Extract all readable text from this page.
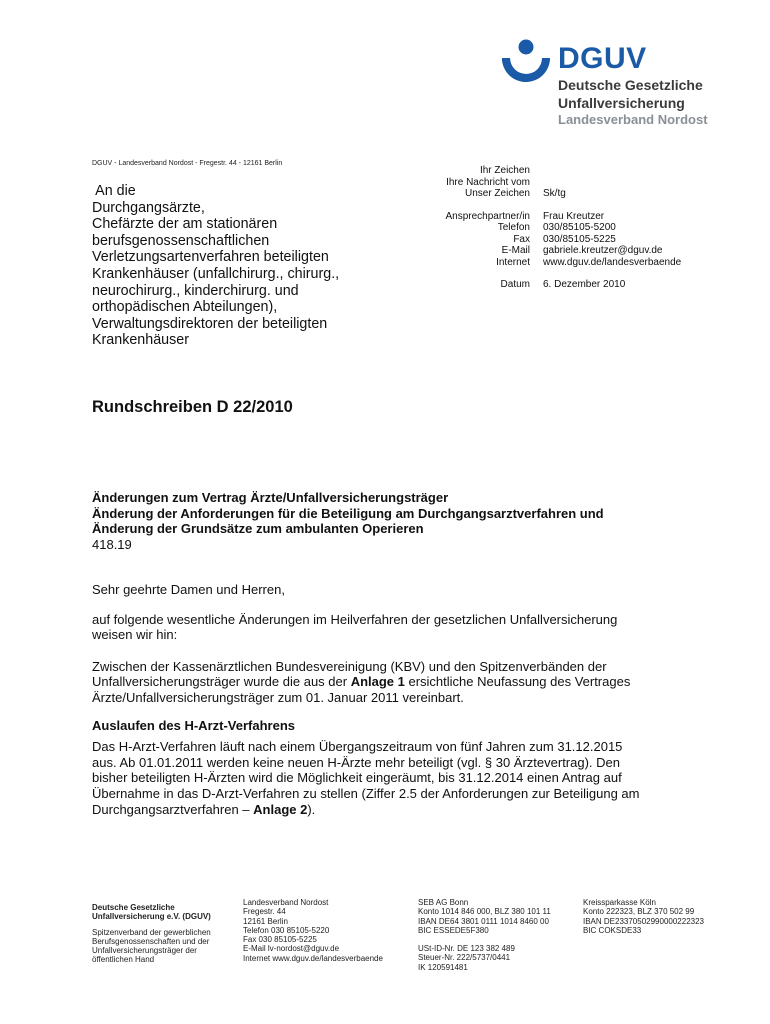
DGUV
Deutsche Gesetzliche
Unfallversicherung
Landesverband Nordost
DGUV - Landesverband Nordost - Fregestr. 44 - 12161 Berlin
An die
Durchgangsärzte,
Chefärzte der am stationären
berufsgenossenschaftlichen
Verletzungsartenverfahren beteiligten
Krankenhäuser (unfallchirurg., chirurg.,
neurochirurg., kinderchirurg. und
orthopädischen Abteilungen),
Verwaltungsdirektoren der beteiligten
Krankenhäuser
Ihr Zeichen
Ihre Nachricht vom
Unser Zeichen	Sk/tg
Ansprechpartner/in	Frau Kreutzer
Telefon	030/85105-5200
Fax	030/85105-5225
E-Mail	gabriele.kreutzer@dguv.de
Internet	www.dguv.de/landesverbaende
Datum	6. Dezember 2010
Rundschreiben D 22/2010
Änderungen zum Vertrag Ärzte/Unfallversicherungsträger
Änderung der Anforderungen für die Beteiligung am Durchgangsarztverfahren und
Änderung der Grundsätze zum ambulanten Operieren
418.19

Sehr geehrte Damen und Herren,

auf folgende wesentliche Änderungen im Heilverfahren der gesetzlichen Unfallversicherung
weisen wir hin:

Zwischen der Kassenärztlichen Bundesvereinigung (KBV) und den Spitzenverbänden der
Unfallversicherungsträger wurde die aus der Anlage 1 ersichtliche Neufassung des Vertrages
Ärzte/Unfallversicherungsträger zum 01. Januar 2011 vereinbart.

Auslaufen des H-Arzt-Verfahrens

Das H-Arzt-Verfahren läuft nach einem Übergangszeitraum von fünf Jahren zum 31.12.2015
aus. Ab 01.01.2011 werden keine neuen H-Ärzte mehr beteiligt (vgl. § 30 Ärztevertrag). Den
bisher beteiligten H-Ärzten wird die Möglichkeit eingeräumt, bis 31.12.2014 einen Antrag auf
Übernahme in das D-Arzt-Verfahren zu stellen (Ziffer 2.5 der Anforderungen zur Beteiligung am
Durchgangsarztverfahren – Anlage 2).

Deutsche Gesetzliche
Unfallversicherung e.V. (DGUV)
Spitzenverband der gewerblichen
Berufsgenossenschaften und der
Unfallversicherungsträger der
öffentlichen Hand
Landesverband Nordost
Fregestr. 44
12161 Berlin
Telefon 030 85105-5220
Fax 030 85105-5225
E-Mail lv-nordost@dguv.de
Internet www.dguv.de/landesverbaende
SEB AG Bonn
Konto 1014 846 000, BLZ 380 101 11
IBAN DE64 3801 0111 1014 8460 00
BIC ESSEDE5F380
USt-ID-Nr. DE 123 382 489
Steuer-Nr. 222/5737/0441
IK 120591481
Kreissparkasse Köln
Konto 222323, BLZ 370 502 99
IBAN DE23370502990000222323
BIC COKSDE33
